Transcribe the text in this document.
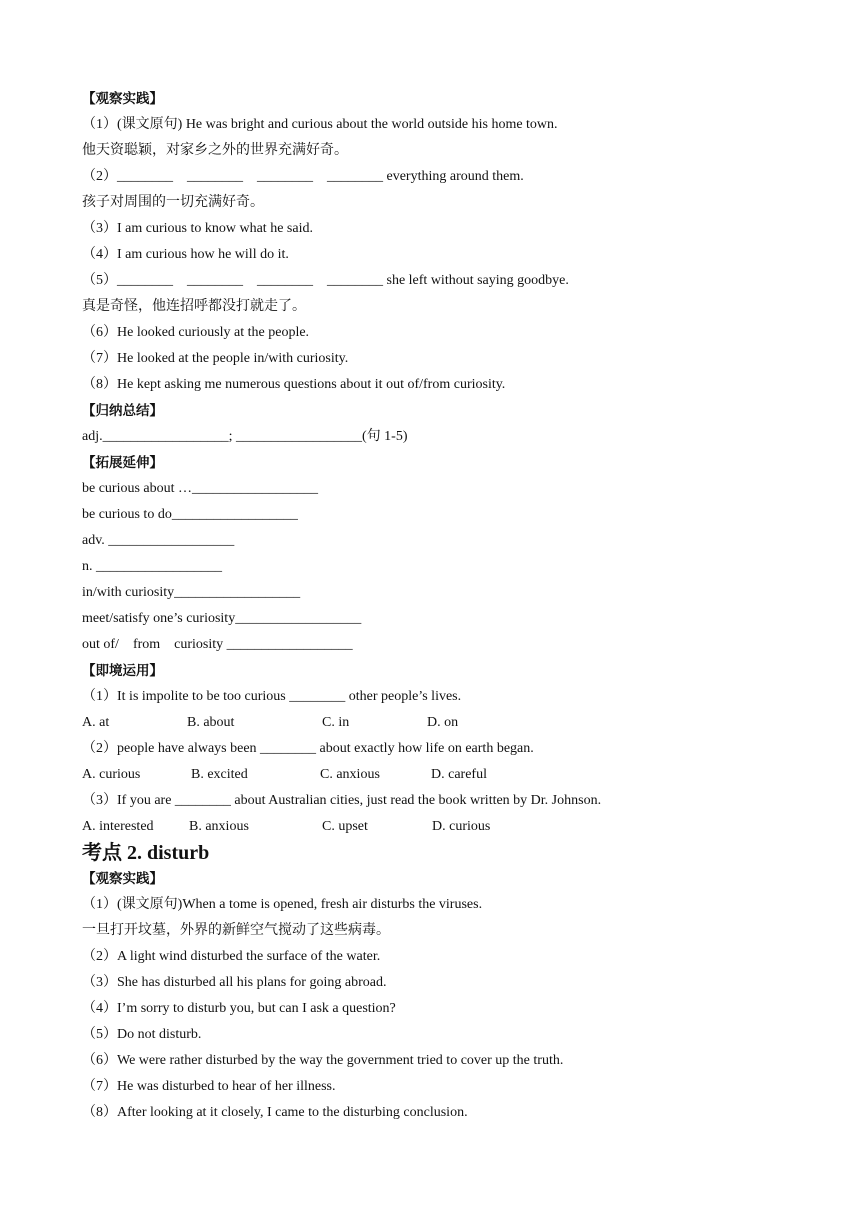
【观察实践】
（1）(课文原句) He was bright and curious about the world outside his home town.
他天资聪颖，对家乡之外的世界充满好奇。
（2）________　________　________　________ everything around them.
孩子对周围的一切充满好奇。
（3）I am curious to know what he said.
（4）I am curious how he will do it.
（5）________　________　________　________ she left without saying goodbye.
真是奇怪，他连招呼都没打就走了。
（6）He looked curiously at the people.
（7）He looked at the people in/with curiosity.
（8）He kept asking me numerous questions about it out of/from curiosity.
【归纳总结】
adj.__________________; __________________(句 1-5)
【拓展延伸】
be curious about …__________________
be curious to do__________________
adv. __________________
n. __________________
in/with curiosity__________________
meet/satisfy one’s curiosity__________________
out of/    from    curiosity __________________
【即境运用】
（1）It is impolite to be too curious ________ other people’s lives.
A. at	B. about	C. in	D. on
（2）people have always been ________ about exactly how life on earth began.
A. curious	B. excited	C. anxious	D. careful
（3）If you are ________ about Australian cities, just read the book written by Dr. Johnson.
A. interested	B. anxious	C. upset	D. curious
考点 2. disturb
【观察实践】
（1）(课文原句)When a tome is opened, fresh air disturbs the viruses.
一旦打开坟墓，外界的新鲜空气搅动了这些病毒。
（2）A light wind disturbed the surface of the water.
（3）She has disturbed all his plans for going abroad.
（4）I’m sorry to disturb you, but can I ask a question?
（5）Do not disturb.
（6）We were rather disturbed by the way the government tried to cover up the truth.
（7）He was disturbed to hear of her illness.
（8）After looking at it closely, I came to the disturbing conclusion.
